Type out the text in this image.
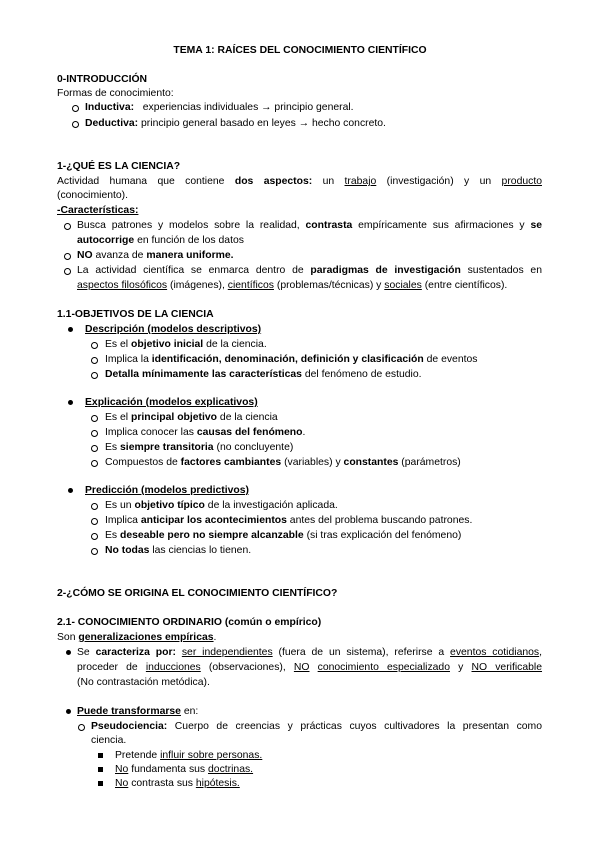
TEMA 1: RAÍCES DEL CONOCIMIENTO CIENTÍFICO
0-INTRODUCCIÓN
Formas de conocimiento:
Inductiva: experiencias individuales → principio general.
Deductiva: principio general basado en leyes → hecho concreto.
1-¿QUÉ ES LA CIENCIA?
Actividad humana que contiene dos aspectos: un trabajo (investigación) y un producto
(conocimiento).
-Características:
Busca patrones y modelos sobre la realidad, contrasta empíricamente sus afirmaciones y se
autocorrige en función de los datos
NO avanza de manera uniforme.
La actividad científica se enmarca dentro de paradigmas de investigación sustentados en
aspectos filosóficos (imágenes), científicos (problemas/técnicas) y sociales (entre científicos).
1.1-OBJETIVOS DE LA CIENCIA
Descripción (modelos descriptivos)
Es el objetivo inicial de la ciencia.
Implica la identificación, denominación, definición y clasificación de eventos
Detalla mínimamente las características del fenómeno de estudio.
Explicación (modelos explicativos)
Es el principal objetivo de la ciencia
Implica conocer las causas del fenómeno.
Es siempre transitoria (no concluyente)
Compuestos de factores cambiantes (variables) y constantes (parámetros)
Predicción (modelos predictivos)
Es un objetivo típico de la investigación aplicada.
Implica anticipar los acontecimientos antes del problema buscando patrones.
Es deseable pero no siempre alcanzable (si tras explicación del fenómeno)
No todas las ciencias lo tienen.
2-¿CÓMO SE ORIGINA EL CONOCIMIENTO CIENTÍFICO?
2.1- CONOCIMIENTO ORDINARIO (común o empírico)
Son generalizaciones empíricas.
Se caracteriza por: ser independientes (fuera de un sistema), referirse a eventos cotidianos,
proceder de inducciones (observaciones), NO conocimiento especializado y NO verificable
(No contrastación metódica).
Puede transformarse en:
Pseudociencia: Cuerpo de creencias y prácticas cuyos cultivadores la presentan como
ciencia.
Pretende influir sobre personas.
No fundamenta sus doctrinas.
No contrasta sus hipótesis.
